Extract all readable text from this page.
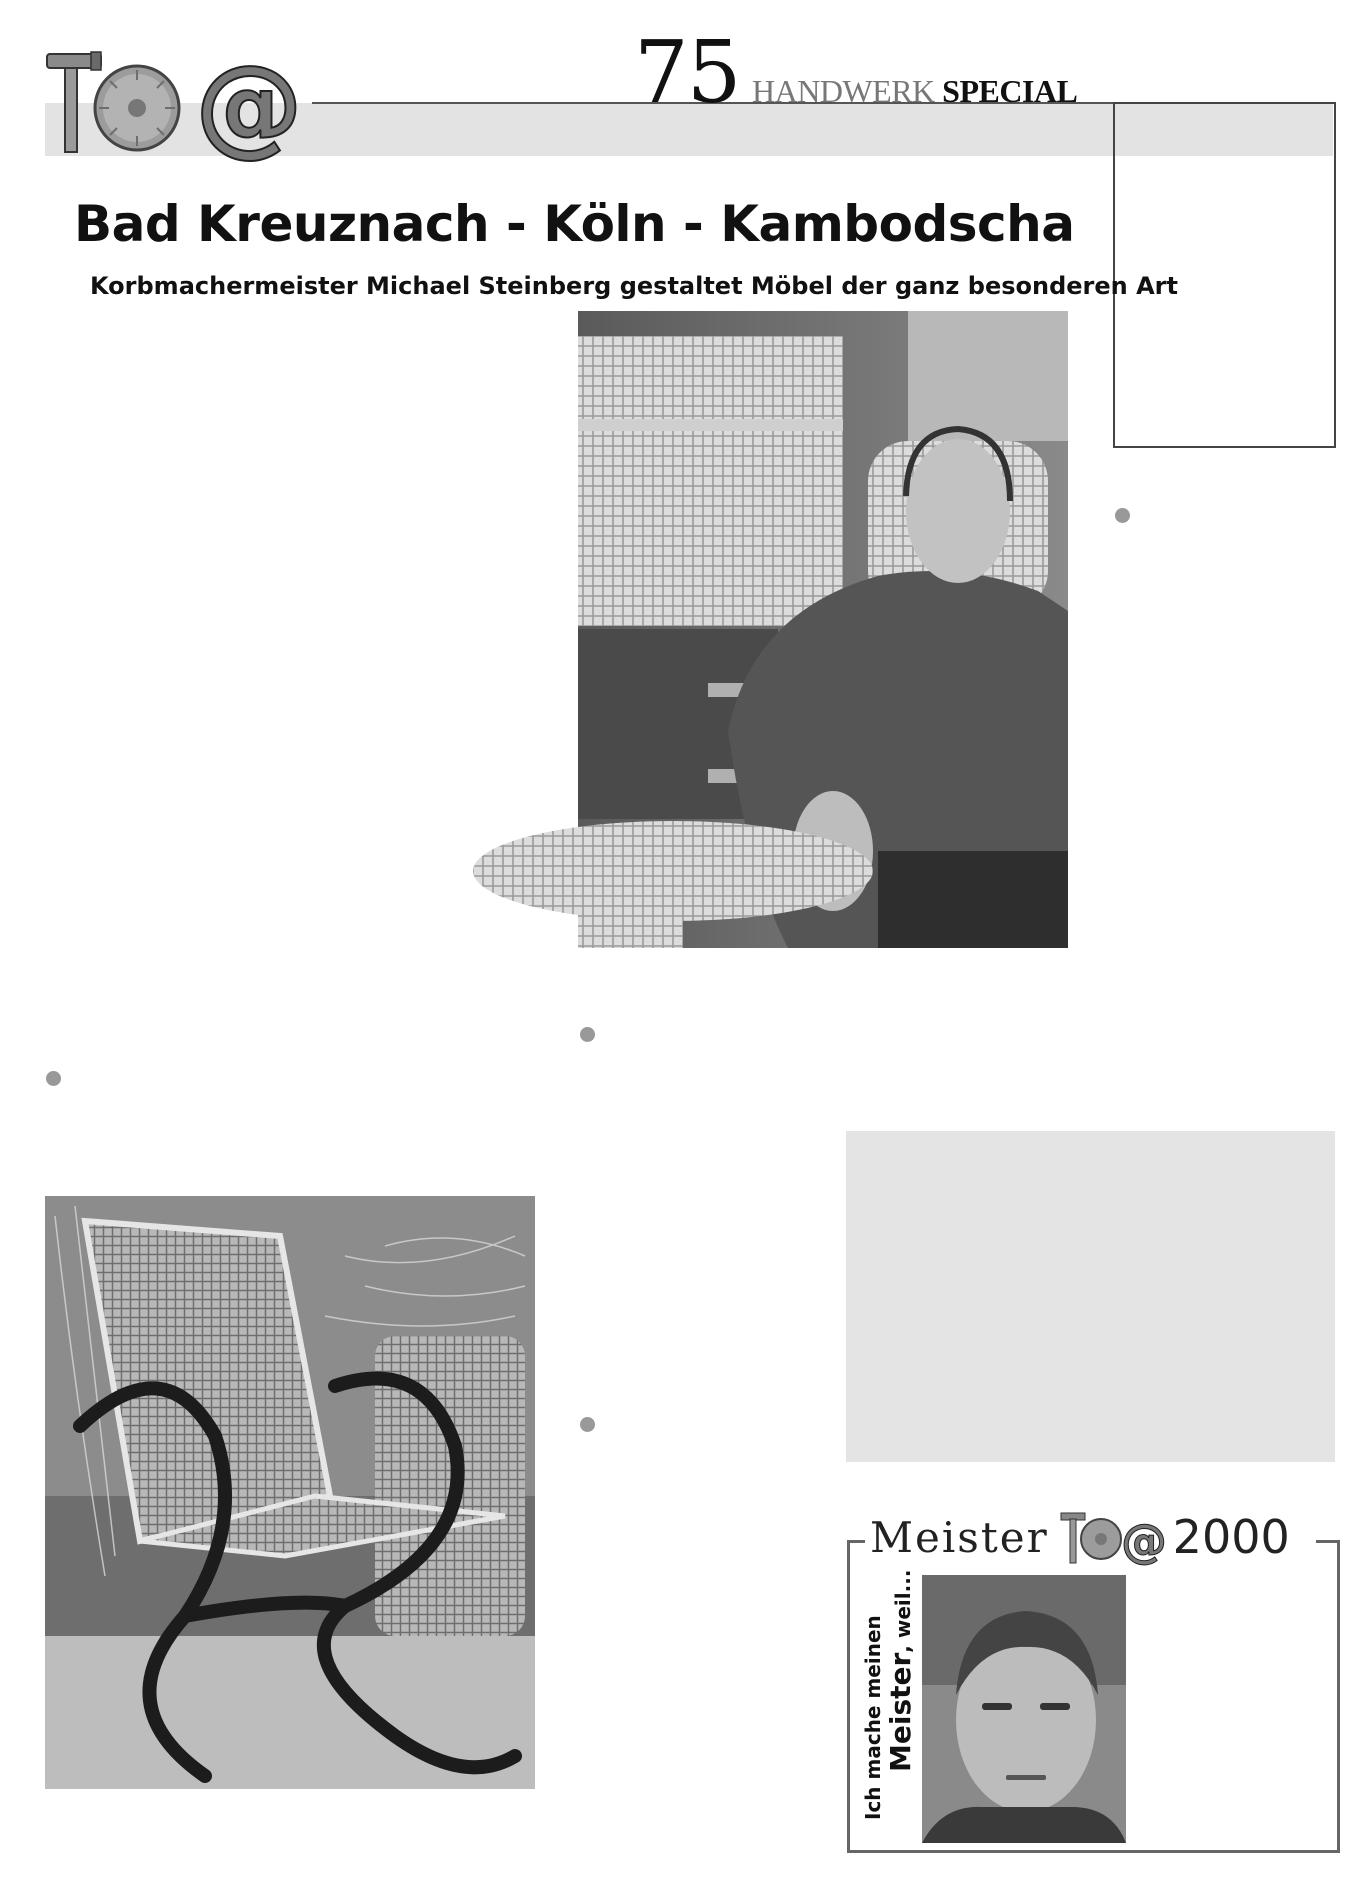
@	75 HANDWERK SPECIAL
Bad Kreuznach - Köln - Kambodscha
Korbmachermeister Michael Steinberg gestaltet Möbel der ganz besonderen Art
Meister @ 2000
Ich mache meinen Meister, weil...
